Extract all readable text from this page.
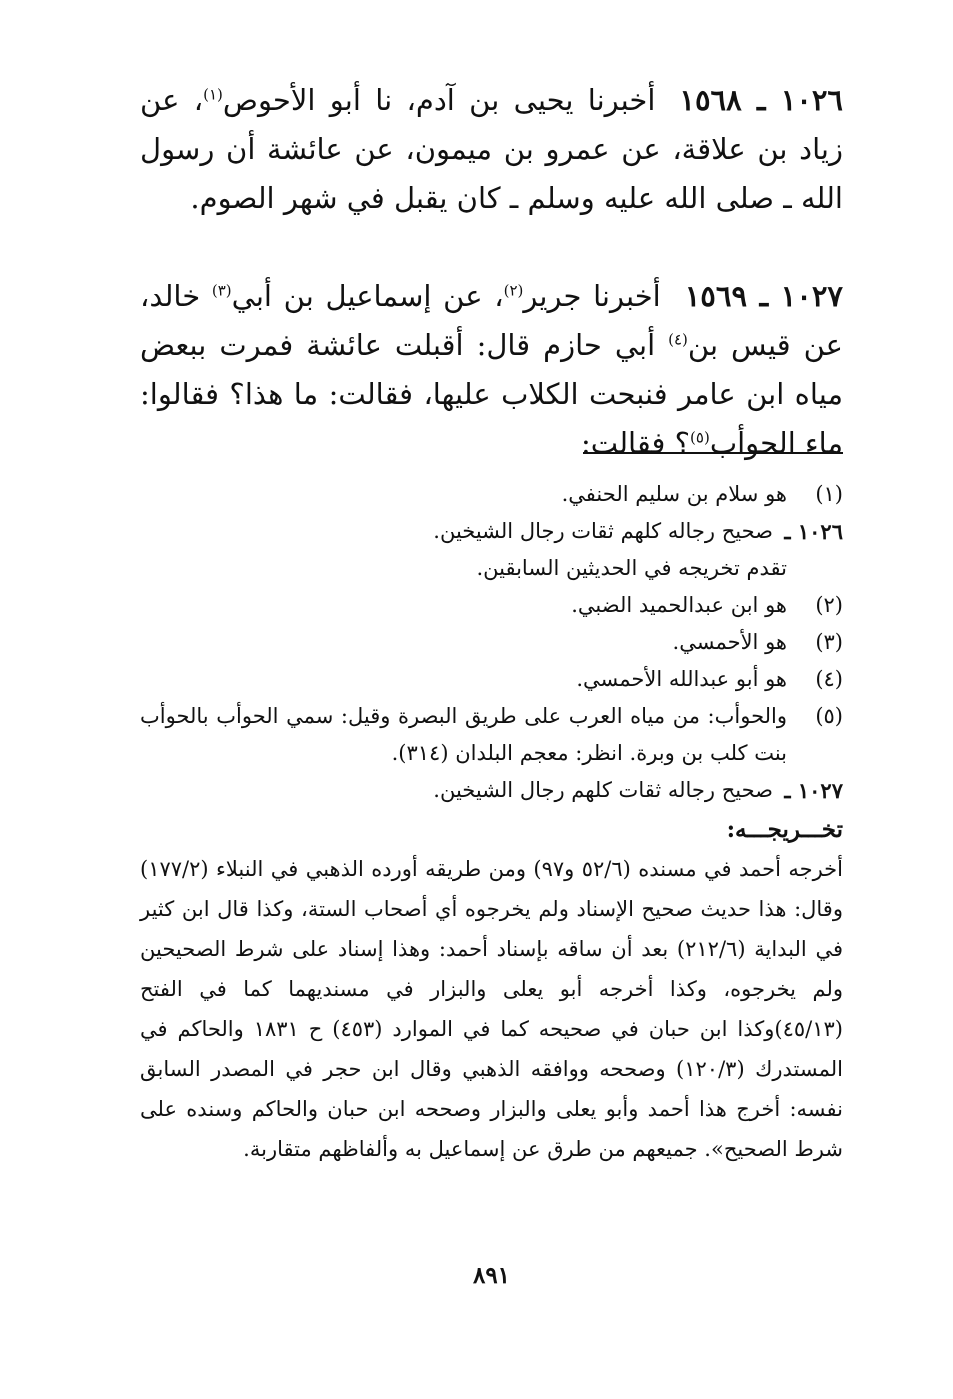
١٠٢٦ ـ ١٥٦٨أخبرنا يحيى بن آدم، نا أبو الأحوص$^{(١)}$، عن زياد بن علاقة، عن عمرو بن ميمون، عن عائشة أن رسول الله ـ صلى الله عليه وسلم ـ كان يقبل في شهر الصوم.
١٠٢٧ ـ ١٥٦٩أخبرنا جرير$^{(٢)}$، عن إسماعيل بن أبي$^{(٣)}$ خالد، عن قيس بن$^{(٤)}$ أبي حازم قال: أقبلت عائشة فمرت ببعض مياه ابن عامر فنبحت الكلاب عليها، فقالت: ما هذا؟ فقالوا: ماء الحوأب$^{(٥)}$؟ فقالت:
(١)
هو سلام بن سليم الحنفي.
١٠٢٦ ـ
صحيح رجاله كلهم ثقات رجال الشيخين.
تقدم تخريجه في الحديثين السابقين.
(٢)
هو ابن عبدالحميد الضبي.
(٣)
هو الأحمسي.
(٤)
هو أبو عبدالله الأحمسي.
(٥)
والحوأب: من مياه العرب على طريق البصرة وقيل: سمي الحوأب بالحوأب بنت كلب بن وبرة. انظر: معجم البلدان (٣١٤).
١٠٢٧ ـ
صحيح رجاله ثقات كلهم رجال الشيخين.
تخـــريجـــه:
أخرجه أحمد في مسنده (٥٢/٦ و٩٧) ومن طريقه أورده الذهبي في النبلاء (١٧٧/٢) وقال: هذا حديث صحيح الإسناد ولم يخرجوه أي أصحاب الستة، وكذا قال ابن كثير في البداية (٢١٢/٦) بعد أن ساقه بإسناد أحمد: وهذا إسناد على شرط الصحيحين ولم يخرجوه، وكذا أخرجه أبو يعلى والبزار في مسنديهما كما في الفتح (٤٥/١٣)وكذا ابن حبان في صحيحه كما في الموارد (٤٥٣) ح ١٨٣١ والحاكم في المستدرك (١٢٠/٣) وصححه ووافقه الذهبي وقال ابن حجر في المصدر السابق نفسه: أخرج هذا أحمد وأبو يعلى والبزار وصححه ابن حبان والحاكم وسنده على شرط الصحيح». جميعهم من طرق عن إسماعيل به وألفاظهم متقاربة.
٨٩١
